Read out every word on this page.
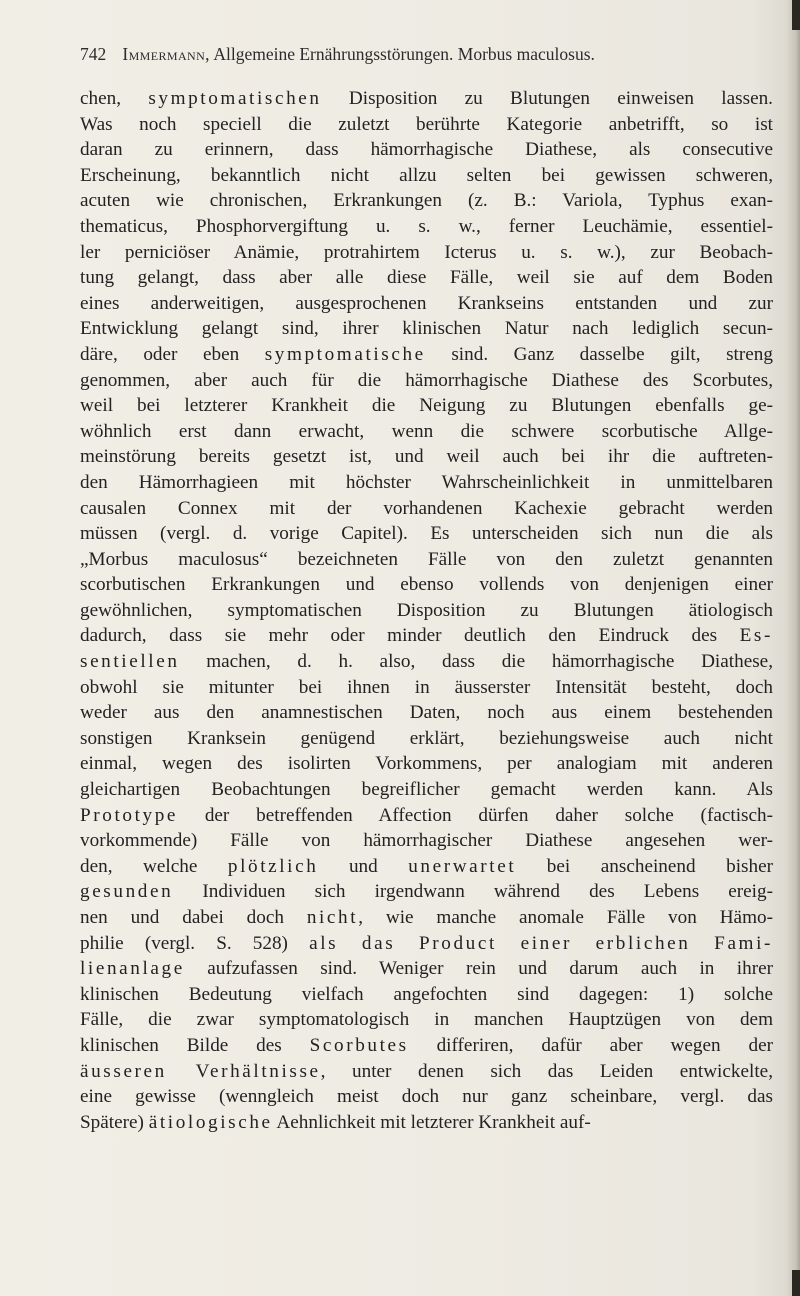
742 Immermann, Allgemeine Ernährungsstörungen. Morbus maculosus.
chen, symptomatischen Disposition zu Blutungen einweisen lassen.
Was noch speciell die zuletzt berührte Kategorie anbetrifft, so ist
daran zu erinnern, dass hämorrhagische Diathese, als consecutive
Erscheinung, bekanntlich nicht allzu selten bei gewissen schweren,
acuten wie chronischen, Erkrankungen (z. B.: Variola, Typhus exan-
thematicus, Phosphorvergiftung u. s. w., ferner Leuchämie, essentiel-
ler perniciöser Anämie, protrahirtem Icterus u. s. w.), zur Beobach-
tung gelangt, dass aber alle diese Fälle, weil sie auf dem Boden
eines anderweitigen, ausgesprochenen Krankseins entstanden und zur
Entwicklung gelangt sind, ihrer klinischen Natur nach lediglich secun-
däre, oder eben symptomatische sind. Ganz dasselbe gilt, streng
genommen, aber auch für die hämorrhagische Diathese des Scorbutes,
weil bei letzterer Krankheit die Neigung zu Blutungen ebenfalls ge-
wöhnlich erst dann erwacht, wenn die schwere scorbutische Allge-
meinstörung bereits gesetzt ist, und weil auch bei ihr die auftreten-
den Hämorrhagieen mit höchster Wahrscheinlichkeit in unmittelbaren
causalen Connex mit der vorhandenen Kachexie gebracht werden
müssen (vergl. d. vorige Capitel). Es unterscheiden sich nun die als
„Morbus maculosus“ bezeichneten Fälle von den zuletzt genannten
scorbutischen Erkrankungen und ebenso vollends von denjenigen einer
gewöhnlichen, symptomatischen Disposition zu Blutungen ätiologisch
dadurch, dass sie mehr oder minder deutlich den Eindruck des Es-
sentiellen machen, d. h. also, dass die hämorrhagische Diathese,
obwohl sie mitunter bei ihnen in äusserster Intensität besteht, doch
weder aus den anamnestischen Daten, noch aus einem bestehenden
sonstigen Kranksein genügend erklärt, beziehungsweise auch nicht
einmal, wegen des isolirten Vorkommens, per analogiam mit anderen
gleichartigen Beobachtungen begreiflicher gemacht werden kann. Als
Prototype der betreffenden Affection dürfen daher solche (factisch-
vorkommende) Fälle von hämorrhagischer Diathese angesehen wer-
den, welche plötzlich und unerwartet bei anscheinend bisher
gesunden Individuen sich irgendwann während des Lebens ereig-
nen und dabei doch nicht, wie manche anomale Fälle von Hämo-
philie (vergl. S. 528) als das Product einer erblichen Fami-
lienanlage aufzufassen sind. Weniger rein und darum auch in ihrer
klinischen Bedeutung vielfach angefochten sind dagegen: 1) solche
Fälle, die zwar symptomatologisch in manchen Hauptzügen von dem
klinischen Bilde des Scorbutes differiren, dafür aber wegen der
äusseren Verhältnisse, unter denen sich das Leiden entwickelte,
eine gewisse (wenngleich meist doch nur ganz scheinbare, vergl. das
Spätere) ätiologische Aehnlichkeit mit letzterer Krankheit auf-
